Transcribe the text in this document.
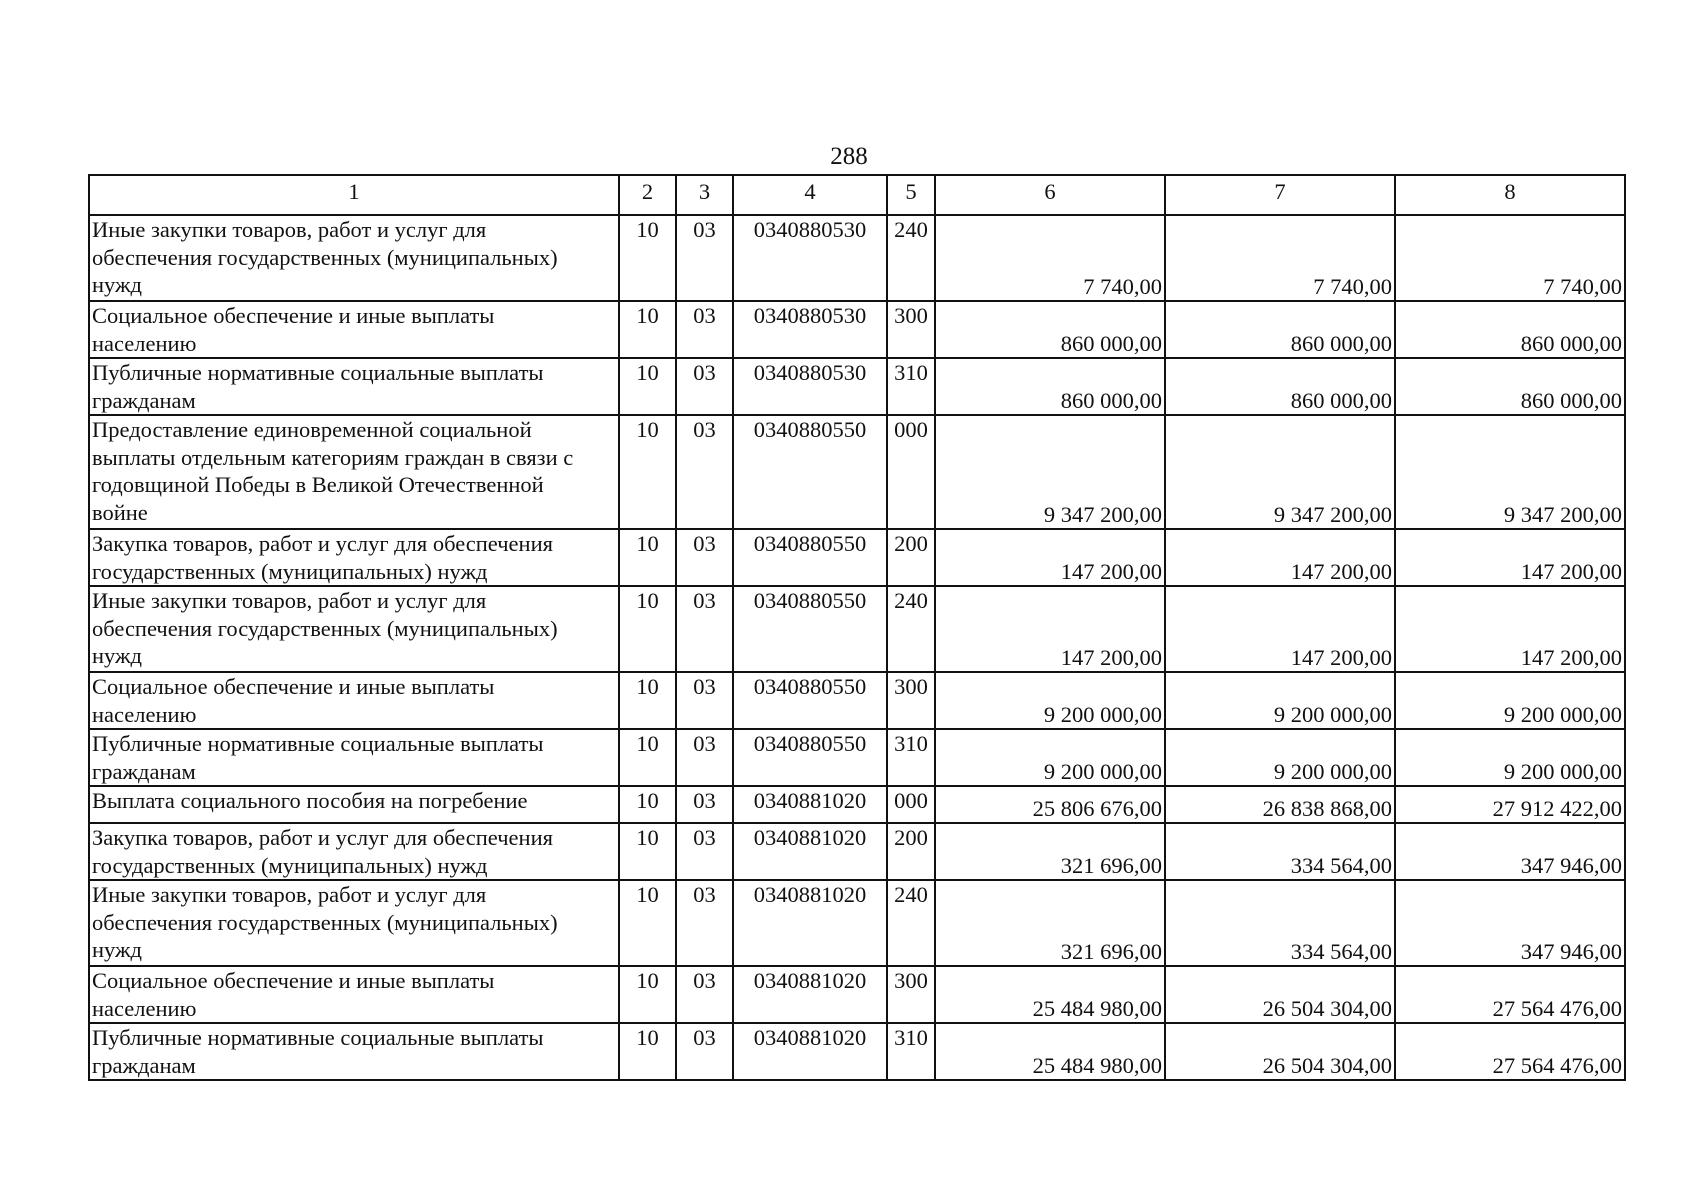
288
1	2	3	4	5	6	7	8
Иные закупки товаров, работ и услуг для
обеспечения государственных (муниципальных)
нужд	10	03	0340880530	240	7 740,00	7 740,00	7 740,00
Социальное обеспечение и иные выплаты
населению	10	03	0340880530	300	860 000,00	860 000,00	860 000,00
Публичные нормативные социальные выплаты
гражданам	10	03	0340880530	310	860 000,00	860 000,00	860 000,00
Предоставление единовременной социальной
выплаты отдельным категориям граждан в связи с
годовщиной Победы в Великой Отечественной
войне	10	03	0340880550	000	9 347 200,00	9 347 200,00	9 347 200,00
Закупка товаров, работ и услуг для обеспечения
государственных (муниципальных) нужд	10	03	0340880550	200	147 200,00	147 200,00	147 200,00
Иные закупки товаров, работ и услуг для
обеспечения государственных (муниципальных)
нужд	10	03	0340880550	240	147 200,00	147 200,00	147 200,00
Социальное обеспечение и иные выплаты
населению	10	03	0340880550	300	9 200 000,00	9 200 000,00	9 200 000,00
Публичные нормативные социальные выплаты
гражданам	10	03	0340880550	310	9 200 000,00	9 200 000,00	9 200 000,00
Выплата социального пособия на погребение	10	03	0340881020	000	25 806 676,00	26 838 868,00	27 912 422,00
Закупка товаров, работ и услуг для обеспечения
государственных (муниципальных) нужд	10	03	0340881020	200	321 696,00	334 564,00	347 946,00
Иные закупки товаров, работ и услуг для
обеспечения государственных (муниципальных)
нужд	10	03	0340881020	240	321 696,00	334 564,00	347 946,00
Социальное обеспечение и иные выплаты
населению	10	03	0340881020	300	25 484 980,00	26 504 304,00	27 564 476,00
Публичные нормативные социальные выплаты
гражданам	10	03	0340881020	310	25 484 980,00	26 504 304,00	27 564 476,00
